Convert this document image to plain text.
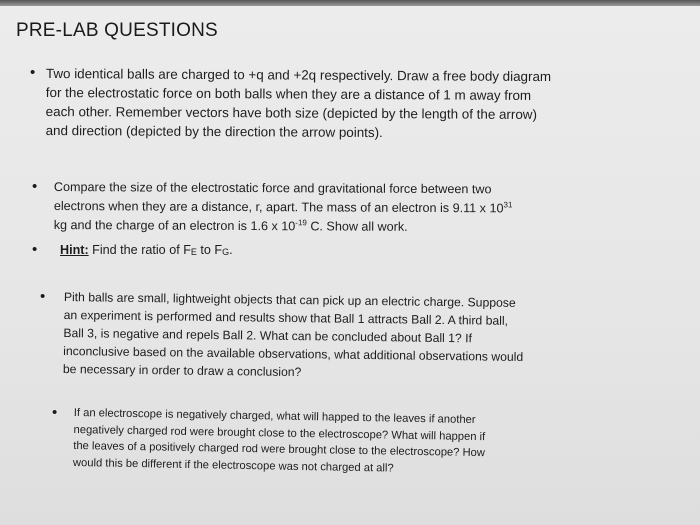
PRE-LAB QUESTIONS
• Two identical balls are charged to +q and +2q respectively. Draw a free body diagram

for the electrostatic force on both balls when they are a distance of 1 m away from

each other. Remember vectors have both size (depicted by the length of the arrow)

and direction (depicted by the direction the arrow points).

• Compare the size of the electrostatic force and gravitational force between two

electrons when they are a distance, r, apart. The mass of an electron is 9.11 x $10^{31}$

kg and the charge of an electron is 1.6 x $10^{-19}$ C. Show all work.

• Hint: Find the ratio of $F_E$ to $F_G$.

• Pith balls are small, lightweight objects that can pick up an electric charge. Suppose

an experiment is performed and results show that Ball 1 attracts Ball 2. A third ball,

Ball 3, is negative and repels Ball 2. What can be concluded about Ball 1? If

inconclusive based on the available observations, what additional observations would

be necessary in order to draw a conclusion?

• If an electroscope is negatively charged, what will happed to the leaves if another

negatively charged rod were brought close to the electroscope? What will happen if

the leaves of a positively charged rod were brought close to the electroscope? How

would this be different if the electroscope was not charged at all?
